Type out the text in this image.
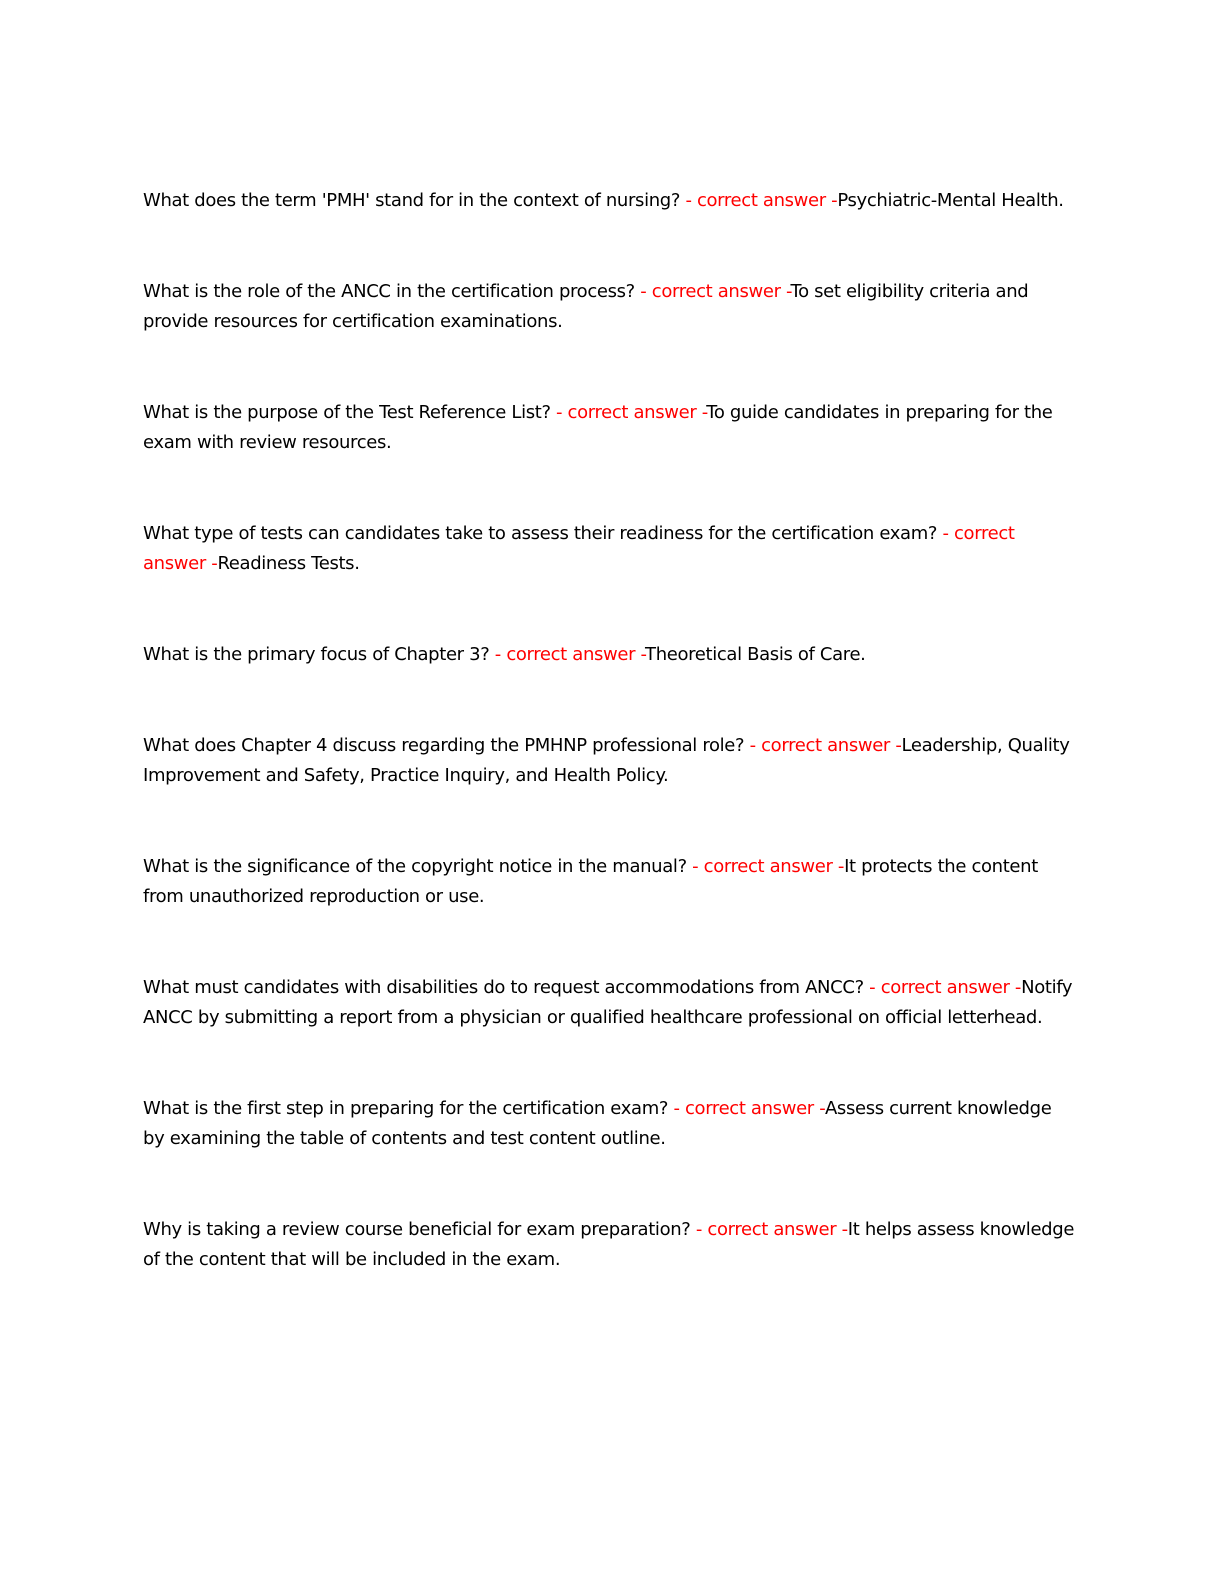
What does the term 'PMH' stand for in the context of nursing? - correct answer -Psychiatric-Mental Health.

What is the role of the ANCC in the certification process? - correct answer -To set eligibility criteria and provide resources for certification examinations.

What is the purpose of the Test Reference List? - correct answer -To guide candidates in preparing for the exam with review resources.

What type of tests can candidates take to assess their readiness for the certification exam? - correct answer -Readiness Tests.

What is the primary focus of Chapter 3? - correct answer -Theoretical Basis of Care.

What does Chapter 4 discuss regarding the PMHNP professional role? - correct answer -Leadership, Quality Improvement and Safety, Practice Inquiry, and Health Policy.

What is the significance of the copyright notice in the manual? - correct answer -It protects the content from unauthorized reproduction or use.

What must candidates with disabilities do to request accommodations from ANCC? - correct answer -Notify ANCC by submitting a report from a physician or qualified healthcare professional on official letterhead.

What is the first step in preparing for the certification exam? - correct answer -Assess current knowledge by examining the table of contents and test content outline.

Why is taking a review course beneficial for exam preparation? - correct answer -It helps assess knowledge of the content that will be included in the exam.
